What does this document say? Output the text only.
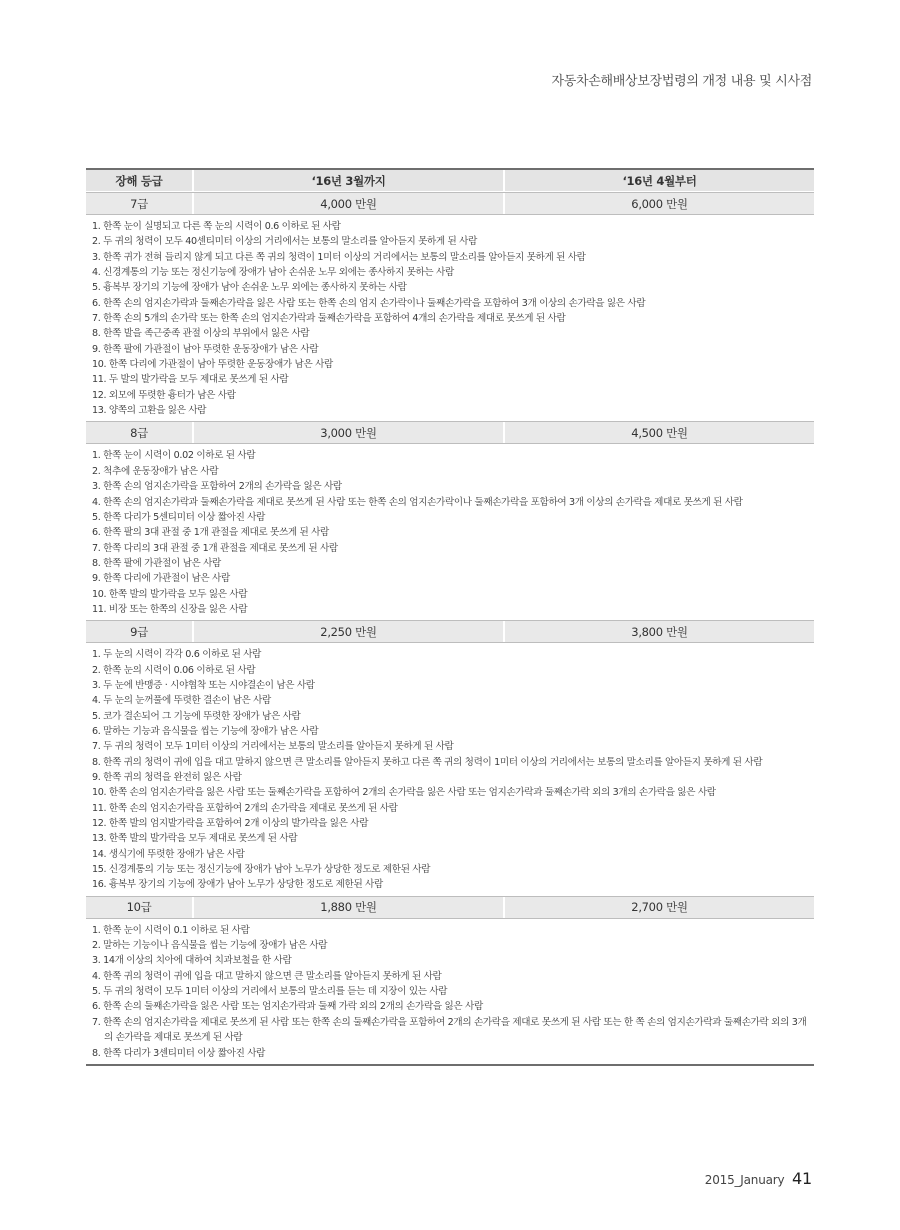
자동차손해배상보장법령의 개정 내용 및 시사점
장해 등급	‘16년 3월까지	‘16년 4월부터
7급	4,000 만원	6,000 만원
1. 한쪽 눈이 실명되고 다른 쪽 눈의 시력이 0.6 이하로 된 사람
2. 두 귀의 청력이 모두 40센티미터 이상의 거리에서는 보통의 말소리를 알아듣지 못하게 된 사람
3. 한쪽 귀가 전혀 들리지 않게 되고 다른 쪽 귀의 청력이 1미터 이상의 거리에서는 보통의 말소리를 알아듣지 못하게 된 사람
4. 신경계통의 기능 또는 정신기능에 장애가 남아 손쉬운 노무 외에는 종사하지 못하는 사람
5. 흉복부 장기의 기능에 장애가 남아 손쉬운 노무 외에는 종사하지 못하는 사람
6. 한쪽 손의 엄지손가락과 둘째손가락을 잃은 사람 또는 한쪽 손의 엄지 손가락이나 둘째손가락을 포함하여 3개 이상의 손가락을 잃은 사람
7. 한쪽 손의 5개의 손가락 또는 한쪽 손의 엄지손가락과 둘째손가락을 포함하여 4개의 손가락을 제대로 못쓰게 된 사람
8. 한쪽 발을 족근중족 관절 이상의 부위에서 잃은 사람
9. 한쪽 팔에 가관절이 남아 뚜렷한 운동장애가 남은 사람
10. 한쪽 다리에 가관절이 남아 뚜렷한 운동장애가 남은 사람
11. 두 발의 발가락을 모두 제대로 못쓰게 된 사람
12. 외모에 뚜렷한 흉터가 남은 사람
13. 양쪽의 고환을 잃은 사람
8급	3,000 만원	4,500 만원
1. 한쪽 눈이 시력이 0.02 이하로 된 사람
2. 척추에 운동장애가 남은 사람
3. 한쪽 손의 엄지손가락을 포함하여 2개의 손가락을 잃은 사람
4. 한쪽 손의 엄지손가락과 둘째손가락을 제대로 못쓰게 된 사람 또는 한쪽 손의 엄지손가락이나 둘째손가락을 포함하여 3개 이상의 손가락을 제대로 못쓰게 된 사람
5. 한쪽 다리가 5센티미터 이상 짧아진 사람
6. 한쪽 팔의 3대 관절 중 1개 관절을 제대로 못쓰게 된 사람
7. 한쪽 다리의 3대 관절 중 1개 관절을 제대로 못쓰게 된 사람
8. 한쪽 팔에 가관절이 남은 사람
9. 한쪽 다리에 가관절이 남은 사람
10. 한쪽 발의 발가락을 모두 잃은 사람
11. 비장 또는 한쪽의 신장을 잃은 사람
9급	2,250 만원	3,800 만원
1. 두 눈의 시력이 각각 0.6 이하로 된 사람
2. 한쪽 눈의 시력이 0.06 이하로 된 사람
3. 두 눈에 반맹증 · 시야협착 또는 시야결손이 남은 사람
4. 두 눈의 눈꺼풀에 뚜렷한 결손이 남은 사람
5. 코가 결손되어 그 기능에 뚜렷한 장애가 남은 사람
6. 말하는 기능과 음식물을 씹는 기능에 장애가 남은 사람
7. 두 귀의 청력이 모두 1미터 이상의 거리에서는 보통의 말소리를 알아듣지 못하게 된 사람
8. 한쪽 귀의 청력이 귀에 입을 대고 말하지 않으면 큰 말소리를 알아듣지 못하고 다른 쪽 귀의 청력이 1미터 이상의 거리에서는 보통의 말소리를 알아듣지 못하게 된 사람
9. 한쪽 귀의 청력을 완전히 잃은 사람
10. 한쪽 손의 엄지손가락을 잃은 사람 또는 둘째손가락을 포함하여 2개의 손가락을 잃은 사람 또는 엄지손가락과 둘째손가락 외의 3개의 손가락을 잃은 사람
11. 한쪽 손의 엄지손가락을 포함하여 2개의 손가락을 제대로 못쓰게 된 사람
12. 한쪽 발의 엄지발가락을 포함하여 2개 이상의 발가락을 잃은 사람
13. 한쪽 발의 발가락을 모두 제대로 못쓰게 된 사람
14. 생식기에 뚜렷한 장애가 남은 사람
15. 신경계통의 기능 또는 정신기능에 장애가 남아 노무가 상당한 정도로 제한된 사람
16. 흉복부 장기의 기능에 장애가 남아 노무가 상당한 정도로 제한된 사람
10급	1,880 만원	2,700 만원
1. 한쪽 눈이 시력이 0.1 이하로 된 사람
2. 말하는 기능이나 음식물을 씹는 기능에 장애가 남은 사람
3. 14개 이상의 치아에 대하여 치과보철을 한 사람
4. 한쪽 귀의 청력이 귀에 입을 대고 말하지 않으면 큰 말소리를 알아듣지 못하게 된 사람
5. 두 귀의 청력이 모두 1미터 이상의 거리에서 보통의 말소리를 듣는 데 지장이 있는 사람
6. 한쪽 손의 둘째손가락을 잃은 사람 또는 엄지손가락과 둘째 가락 외의 2개의 손가락을 잃은 사람
7. 한쪽 손의 엄지손가락을 제대로 못쓰게 된 사람 또는 한쪽 손의 둘째손가락을 포함하여 2개의 손가락을 제대로 못쓰게 된 사람 또는 한 쪽 손의 엄지손가락과 둘째손가락 외의 3개의 손가락을 제대로 못쓰게 된 사람
8. 한쪽 다리가 3센티미터 이상 짧아진 사람
2015_January 41
